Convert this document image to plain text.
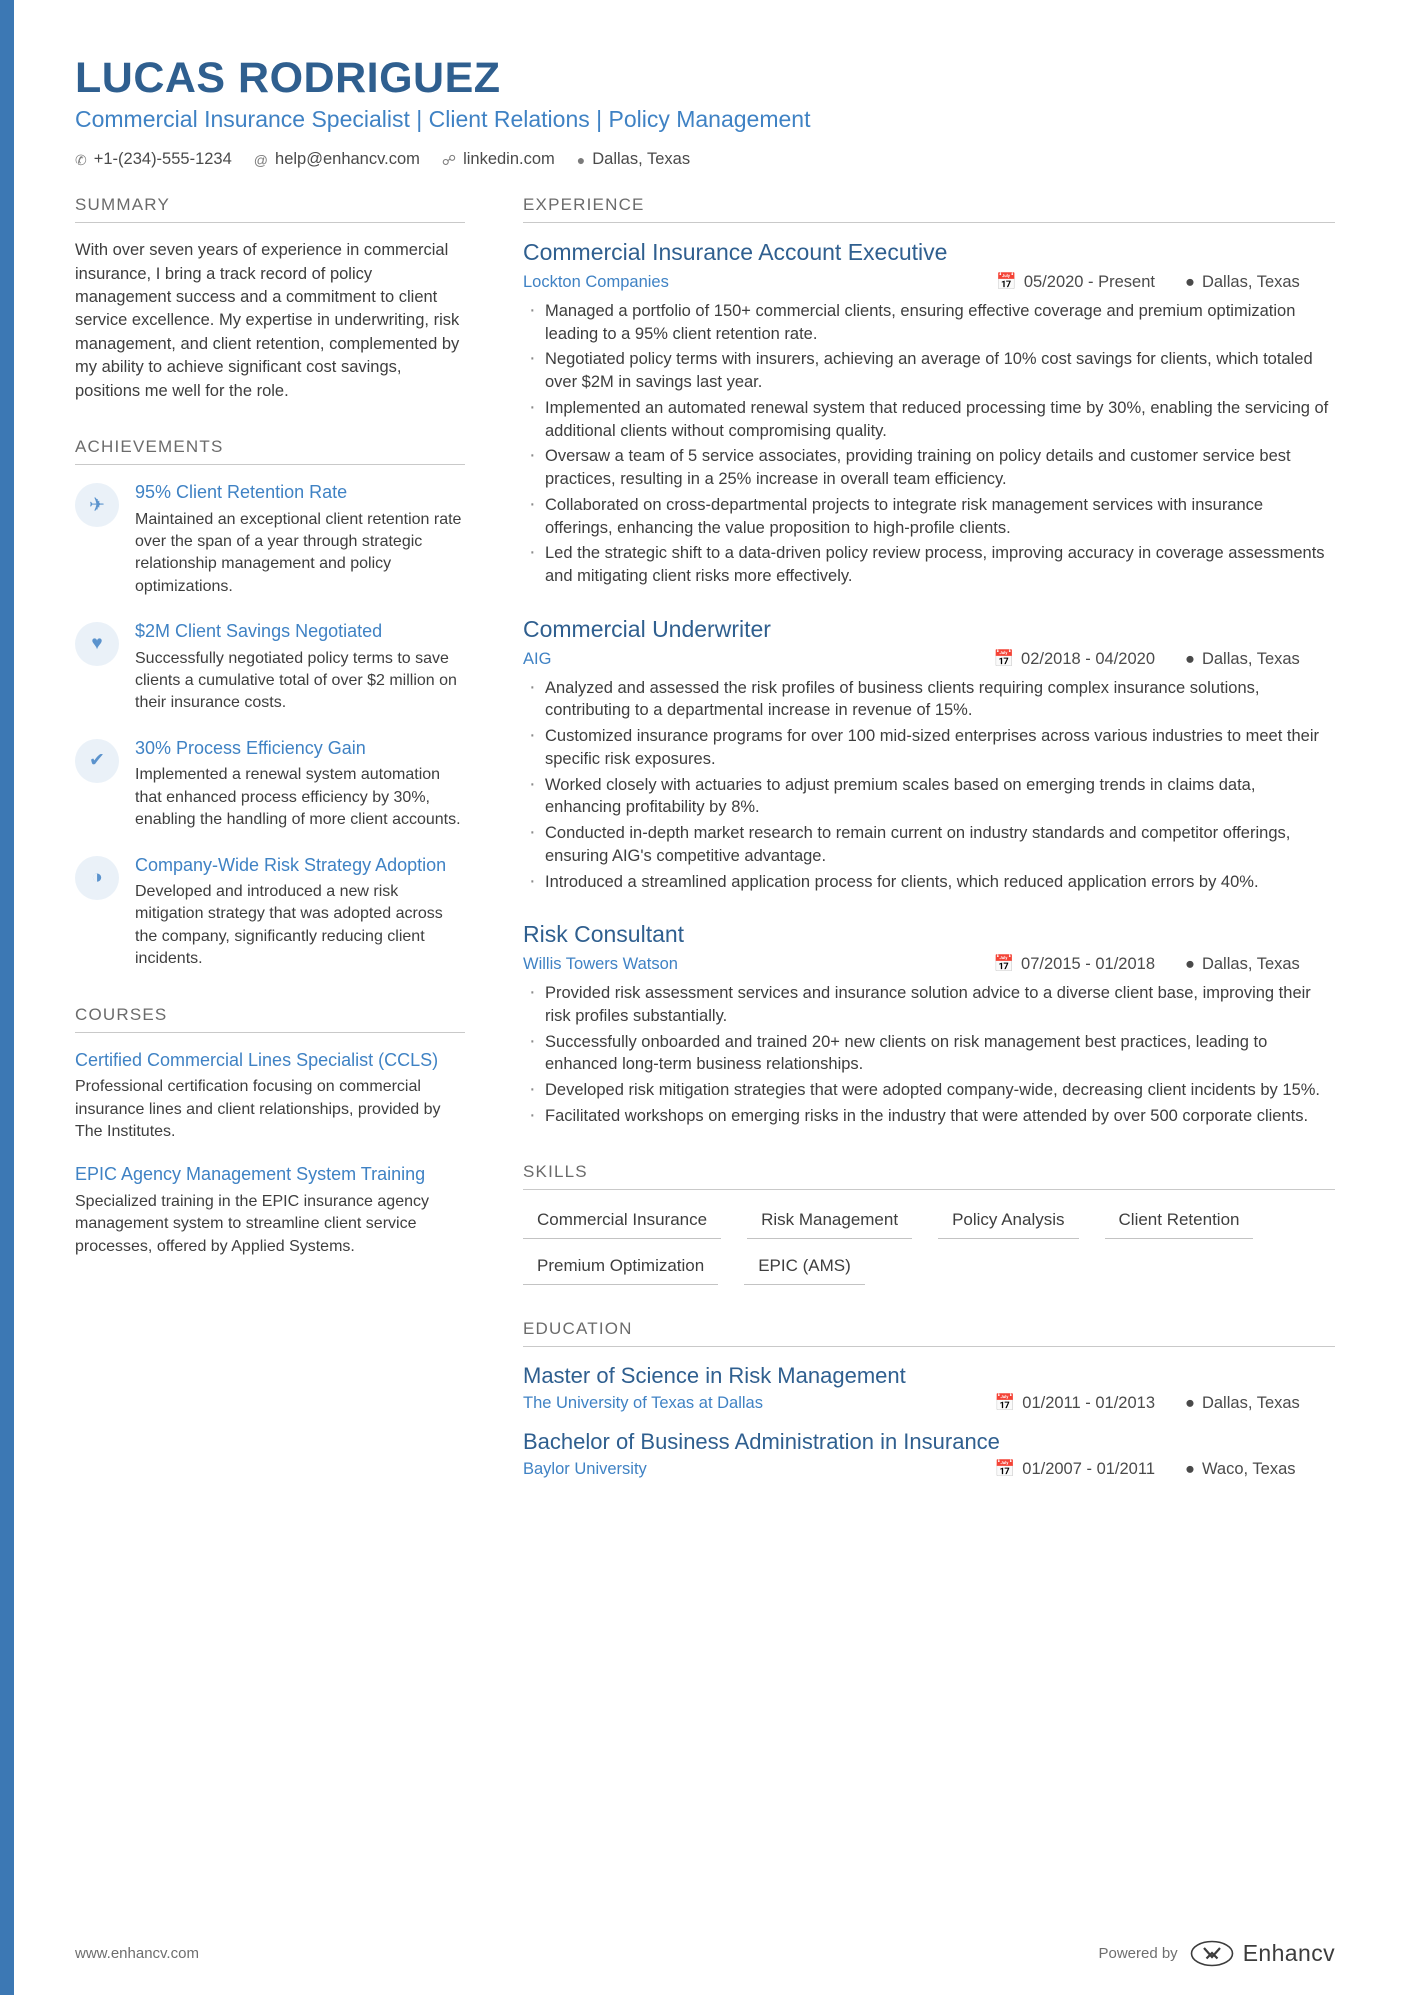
LUCAS RODRIGUEZ
Commercial Insurance Specialist | Client Relations | Policy Management
✆ +1-(234)-555-1234 @ help@enhancv.com ☍ linkedin.com ● Dallas, Texas
SUMMARY
With over seven years of experience in commercial insurance, I bring a track record of policy management success and a commitment to client service excellence. My expertise in underwriting, risk management, and client retention, complemented by my ability to achieve significant cost savings, positions me well for the role.
ACHIEVEMENTS
✈
95% Client Retention Rate
Maintained an exceptional client retention rate over the span of a year through strategic relationship management and policy optimizations.
♥
$2M Client Savings Negotiated
Successfully negotiated policy terms to save clients a cumulative total of over $2 million on their insurance costs.
✔
30% Process Efficiency Gain
Implemented a renewal system automation that enhanced process efficiency by 30%, enabling the handling of more client accounts.
◑
Company-Wide Risk Strategy Adoption
Developed and introduced a new risk mitigation strategy that was adopted across the company, significantly reducing client incidents.
COURSES
Certified Commercial Lines Specialist (CCLS)
Professional certification focusing on commercial insurance lines and client relationships, provided by The Institutes.
EPIC Agency Management System Training
Specialized training in the EPIC insurance agency management system to streamline client service processes, offered by Applied Systems.
EXPERIENCE
Commercial Insurance Account Executive
Lockton Companies	📅 05/2020 - Present ● Dallas, Texas
· Managed a portfolio of 150+ commercial clients, ensuring effective coverage and premium optimization leading to a 95% client retention rate.
· Negotiated policy terms with insurers, achieving an average of 10% cost savings for clients, which totaled over $2M in savings last year.
· Implemented an automated renewal system that reduced processing time by 30%, enabling the servicing of additional clients without compromising quality.
· Oversaw a team of 5 service associates, providing training on policy details and customer service best practices, resulting in a 25% increase in overall team efficiency.
· Collaborated on cross-departmental projects to integrate risk management services with insurance offerings, enhancing the value proposition to high-profile clients.
· Led the strategic shift to a data-driven policy review process, improving accuracy in coverage assessments and mitigating client risks more effectively.
Commercial Underwriter
AIG	📅 02/2018 - 04/2020 ● Dallas, Texas
· Analyzed and assessed the risk profiles of business clients requiring complex insurance solutions, contributing to a departmental increase in revenue of 15%.
· Customized insurance programs for over 100 mid-sized enterprises across various industries to meet their specific risk exposures.
· Worked closely with actuaries to adjust premium scales based on emerging trends in claims data, enhancing profitability by 8%.
· Conducted in-depth market research to remain current on industry standards and competitor offerings, ensuring AIG's competitive advantage.
· Introduced a streamlined application process for clients, which reduced application errors by 40%.
Risk Consultant
Willis Towers Watson	📅 07/2015 - 01/2018 ● Dallas, Texas
· Provided risk assessment services and insurance solution advice to a diverse client base, improving their risk profiles substantially.
· Successfully onboarded and trained 20+ new clients on risk management best practices, leading to enhanced long-term business relationships.
· Developed risk mitigation strategies that were adopted company-wide, decreasing client incidents by 15%.
· Facilitated workshops on emerging risks in the industry that were attended by over 500 corporate clients.
SKILLS
Commercial Insurance	Risk Management	Policy Analysis	Client Retention
Premium Optimization	EPIC (AMS)
EDUCATION
Master of Science in Risk Management
The University of Texas at Dallas	📅 01/2011 - 01/2013 ● Dallas, Texas
Bachelor of Business Administration in Insurance
Baylor University	📅 01/2007 - 01/2011 ● Waco, Texas
www.enhancv.com	Powered by	Enhancv
